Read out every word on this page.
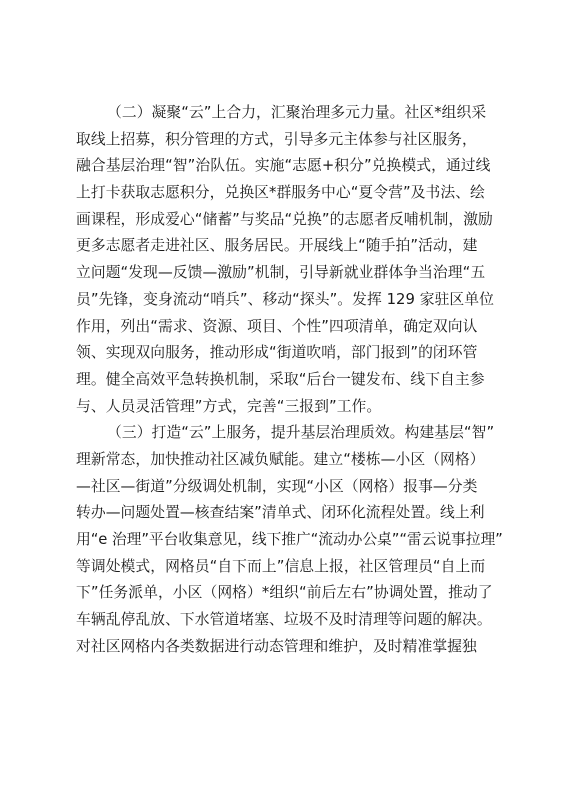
（二）凝聚“云”上合力，汇聚治理多元力量。社区*组织采
取线上招募，积分管理的方式，引导多元主体参与社区服务，
融合基层治理“智”治队伍。实施“志愿+积分”兑换模式，通过线
上打卡获取志愿积分，兑换区*群服务中心“夏令营”及书法、绘
画课程，形成爱心“储蓄”与奖品“兑换”的志愿者反哺机制，激励
更多志愿者走进社区、服务居民。开展线上“随手拍”活动，建
立问题“发现—反馈—激励”机制，引导新就业群体争当治理“五
员”先锋，变身流动“哨兵”、移动“探头”。发挥 129 家驻区单位
作用，列出“需求、资源、项目、个性”四项清单，确定双向认
领、实现双向服务，推动形成“街道吹哨，部门报到”的闭环管
理。健全高效平急转换机制，采取“后台一键发布、线下自主参
与、人员灵活管理”方式，完善“三报到”工作。

（三）打造“云”上服务，提升基层治理质效。构建基层“智”
理新常态，加快推动社区减负赋能。建立“楼栋—小区（网格）
—社区—街道”分级调处机制，实现“小区（网格）报事—分类
转办—问题处置—核查结案”清单式、闭环化流程处置。线上利
用“e 治理”平台收集意见，线下推广“流动办公桌”“雷云说事拉理”
等调处模式，网格员“自下而上”信息上报，社区管理员“自上而
下”任务派单，小区（网格）*组织“前后左右”协调处置，推动了
车辆乱停乱放、下水管道堵塞、垃圾不及时清理等问题的解决。
对社区网格内各类数据进行动态管理和维护，及时精准掌握独
